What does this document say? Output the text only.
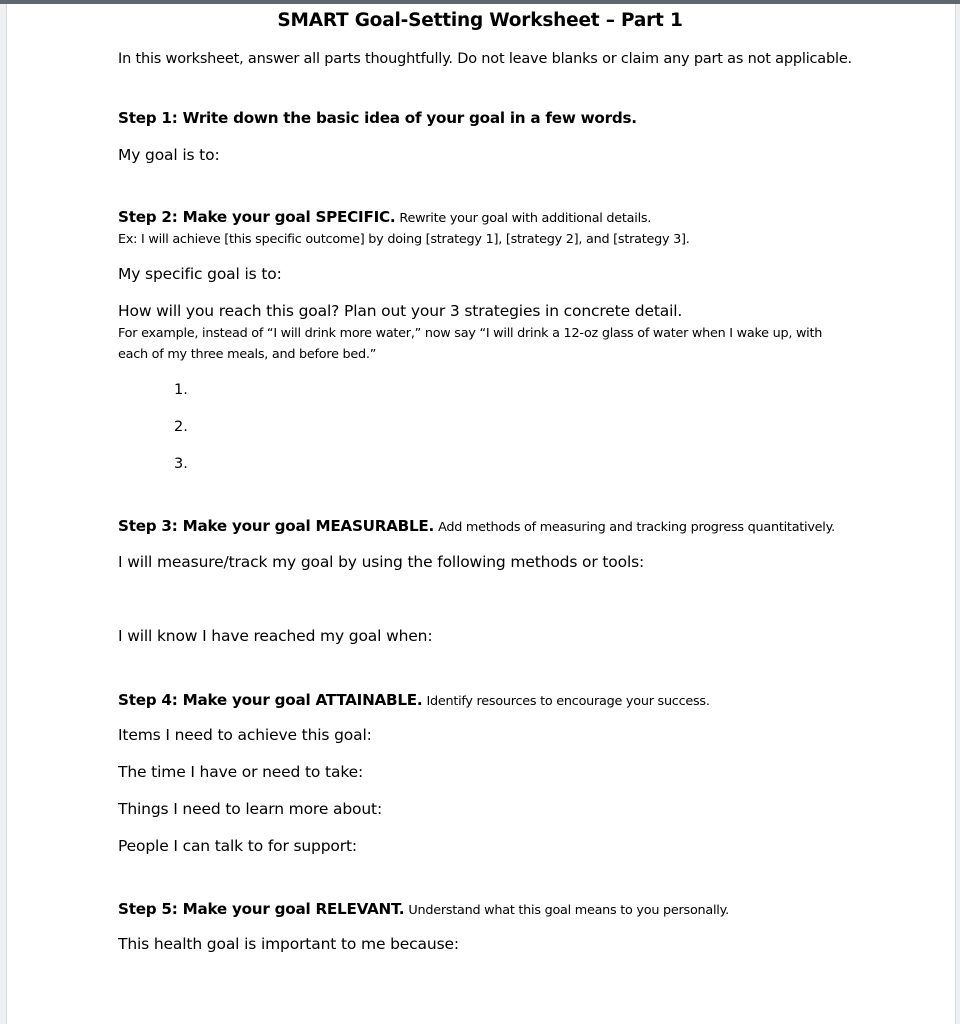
SMART Goal-Setting Worksheet – Part 1
In this worksheet, answer all parts thoughtfully. Do not leave blanks or claim any part as not applicable.
Step 1: Write down the basic idea of your goal in a few words.
My goal is to:
Step 2: Make your goal SPECIFIC. Rewrite your goal with additional details.
Ex: I will achieve [this specific outcome] by doing [strategy 1], [strategy 2], and [strategy 3].
My specific goal is to:
How will you reach this goal? Plan out your 3 strategies in concrete detail.
For example, instead of “I will drink more water,” now say “I will drink a 12-oz glass of water when I wake up, with
each of my three meals, and before bed.”
1.
2.
3.
Step 3: Make your goal MEASURABLE. Add methods of measuring and tracking progress quantitatively.
I will measure/track my goal by using the following methods or tools:
I will know I have reached my goal when:
Step 4: Make your goal ATTAINABLE. Identify resources to encourage your success.
Items I need to achieve this goal:
The time I have or need to take:
Things I need to learn more about:
People I can talk to for support:
Step 5: Make your goal RELEVANT. Understand what this goal means to you personally.
This health goal is important to me because:
